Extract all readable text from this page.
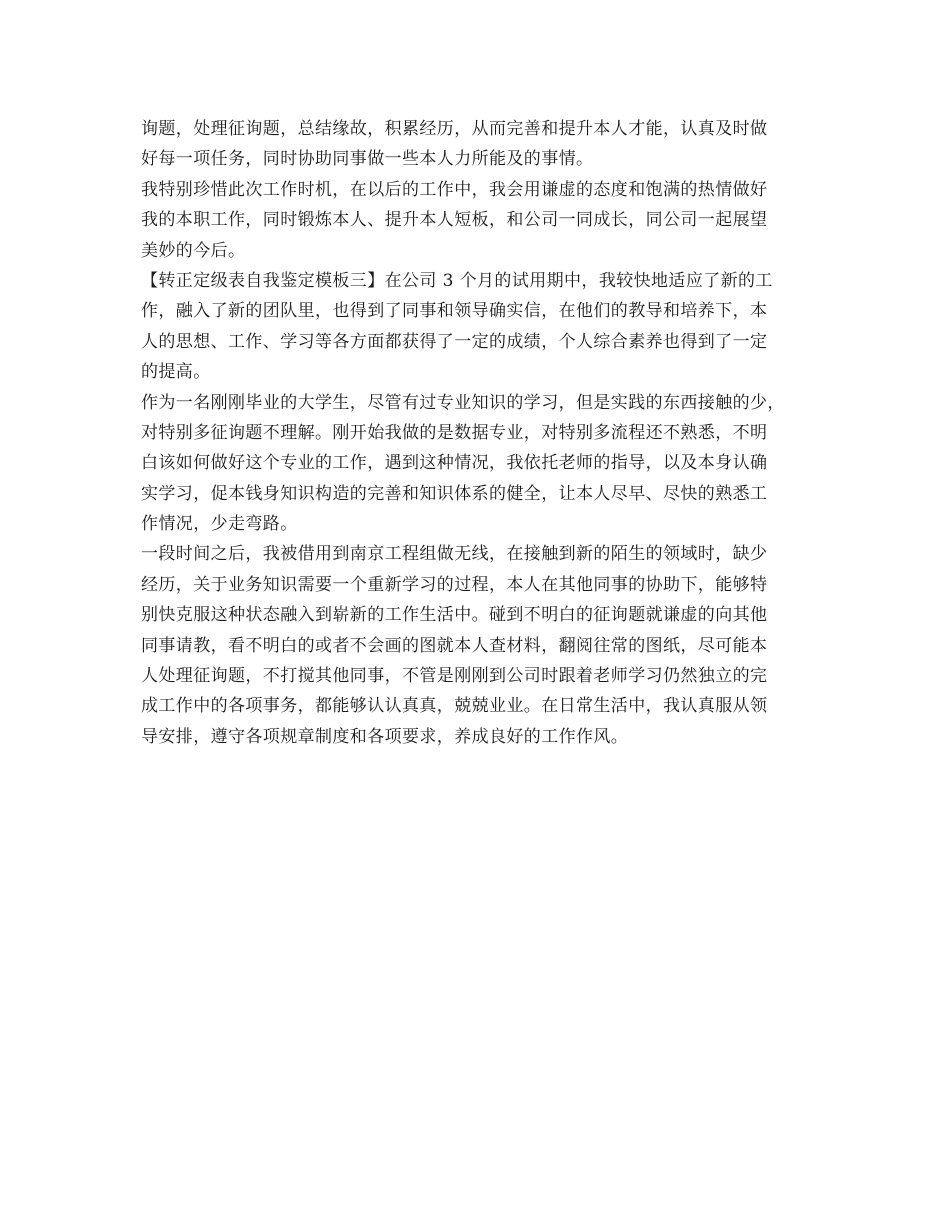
询题，处理征询题，总结缘故，积累经历，从而完善和提升本人才能，认真及时做
好每一项任务，同时协助同事做一些本人力所能及的事情。
我特别珍惜此次工作时机，在以后的工作中，我会用谦虚的态度和饱满的热情做好
我的本职工作，同时锻炼本人、提升本人短板，和公司一同成长，同公司一起展望
美妙的今后。
【转正定级表自我鉴定模板三】在公司 3 个月的试用期中，我较快地适应了新的工
作，融入了新的团队里，也得到了同事和领导确实信，在他们的教导和培养下，本
人的思想、工作、学习等各方面都获得了一定的成绩，个人综合素养也得到了一定
的提高。
作为一名刚刚毕业的大学生，尽管有过专业知识的学习，但是实践的东西接触的少，
对特别多征询题不理解。刚开始我做的是数据专业，对特别多流程还不熟悉，不明
白该如何做好这个专业的工作，遇到这种情况，我依托老师的指导，以及本身认确
实学习，促本钱身知识构造的完善和知识体系的健全，让本人尽早、尽快的熟悉工
作情况，少走弯路。
一段时间之后，我被借用到南京工程组做无线，在接触到新的陌生的领域时，缺少
经历，关于业务知识需要一个重新学习的过程，本人在其他同事的协助下，能够特
别快克服这种状态融入到崭新的工作生活中。碰到不明白的征询题就谦虚的向其他
同事请教，看不明白的或者不会画的图就本人查材料，翻阅往常的图纸，尽可能本
人处理征询题，不打搅其他同事，不管是刚刚到公司时跟着老师学习仍然独立的完
成工作中的各项事务，都能够认认真真，兢兢业业。在日常生活中，我认真服从领
导安排，遵守各项规章制度和各项要求，养成良好的工作作风。
